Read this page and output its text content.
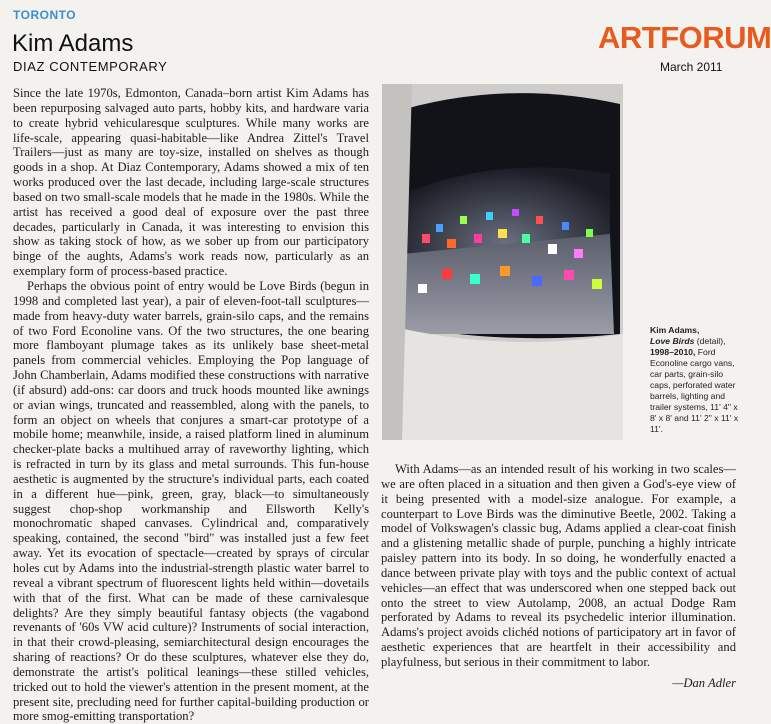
TORONTO
Kim Adams
DIAZ CONTEMPORARY
ARTFORUM
March 2011

Since the late 1970s, Edmonton, Canada–born artist Kim Adams has been repurposing salvaged auto parts, hobby kits, and hardware varia to create hybrid vehicularesque sculptures. While many works are life-scale, appearing quasi-habitable—like Andrea Zittel's Travel Trailers—just as many are toy-size, installed on shelves as though goods in a shop. At Diaz Contemporary, Adams showed a mix of ten works produced over the last decade, including large-scale structures based on two small-scale models that he made in the 1980s. While the artist has received a good deal of exposure over the past three decades, particularly in Canada, it was interesting to envision this show as taking stock of how, as we sober up from our participatory binge of the aughts, Adams's work reads now, particularly as an exemplary form of process-based practice.

Perhaps the obvious point of entry would be Love Birds (begun in 1998 and completed last year), a pair of eleven-foot-tall sculptures—made from heavy-duty water barrels, grain-silo caps, and the remains of two Ford Econoline vans. Of the two structures, the one bearing more flamboyant plumage takes as its unlikely base sheet-metal panels from commercial vehicles. Employing the Pop language of John Chamberlain, Adams modified these constructions with narrative (if absurd) add-ons: car doors and truck hoods mounted like awnings or avian wings, truncated and reassembled, along with the panels, to form an object on wheels that conjures a smart-car prototype of a mobile home; meanwhile, inside, a raised platform lined in aluminum checker-plate backs a multihued array of raveworthy lighting, which is refracted in turn by its glass and metal surrounds. This fun-house aesthetic is augmented by the structure's individual parts, each coated in a different hue—pink, green, gray, black—to simultaneously suggest chop-shop workmanship and Ellsworth Kelly's monochromatic shaped canvases. Cylindrical and, comparatively speaking, contained, the second "bird" was installed just a few feet away. Yet its evocation of spectacle—created by sprays of circular holes cut by Adams into the industrial-strength plastic water barrel to reveal a vibrant spectrum of fluorescent lights held within—dovetails with that of the first. What can be made of these carnivalesque delights? Are they simply beautiful fantasy objects (the vagabond revenants of '60s VW acid culture)? Instruments of social interaction, in that their crowd-pleasing, semiarchitectural design encourages the sharing of reactions? Or do these sculptures, whatever else they do, demonstrate the artist's political leanings—these stilled vehicles, tricked out to hold the viewer's attention in the present moment, at the present site, precluding need for further capital-building production or more smog-emitting transportation?

Kim Adams,
Love Birds (detail),
1998–2010, Ford Econoline cargo vans, car parts, grain-silo caps, perforated water barrels, lighting and trailer systems, 11' 4" x 8' x 8' and 11' 2" x 11' x 11'.

With Adams—as an intended result of his working in two scales—we are often placed in a situation and then given a God's-eye view of it being presented with a model-size analogue. For example, a counterpart to Love Birds was the diminutive Beetle, 2002. Taking a model of Volkswagen's classic bug, Adams applied a clear-coat finish and a glistening metallic shade of purple, punching a highly intricate paisley pattern into its body. In so doing, he wonderfully enacted a dance between private play with toys and the public context of actual vehicles—an effect that was underscored when one stepped back out onto the street to view Autolamp, 2008, an actual Dodge Ram perforated by Adams to reveal its psychedelic interior illumination. Adams's project avoids clichéd notions of participatory art in favor of aesthetic experiences that are heartfelt in their accessibility and playfulness, but serious in their commitment to labor.

—Dan Adler
